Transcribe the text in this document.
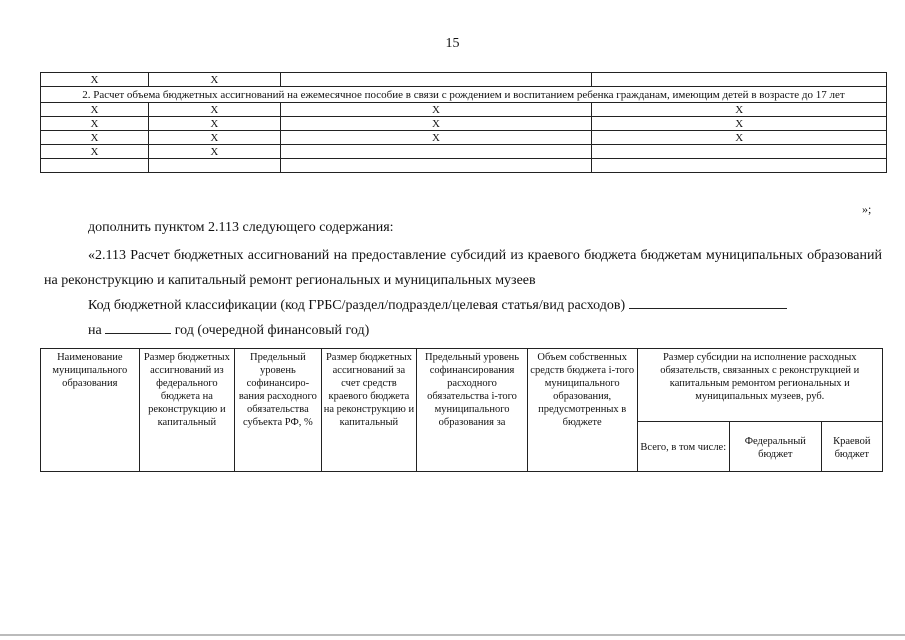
15
X	X		
2. Расчет объема бюджетных ассигнований на ежемесячное пособие в связи с рождением и воспитанием ребенка гражданам, имеющим детей в возрасте до 17 лет			
X	X	X	X
X	X	X	X
X	X	X	X
X	X		

»;
дополнить пунктом 2.113 следующего содержания:
«2.113 Расчет бюджетных ассигнований на предоставление субсидий из краевого бюджета бюджетам муниципальных образований на реконструкцию и капитальный ремонт региональных и муниципальных музеев
Код бюджетной классификации (код ГРБС/раздел/подраздел/целевая статья/вид расходов)
на	год (очередной финансовый год)
Наименование муниципального образования	Размер бюджетных ассигнований из федерального бюджета на реконструкцию и капитальный	Предельный уровень софинансиро-вания расходного обязательства субъекта РФ, %	Размер бюджетных ассигнований за счет средств краевого бюджета на реконструкцию и капитальный	Предельный уровень софинансирования расходного обязательства i-того муниципального образования за	Объем собственных средств бюджета i-того муниципального образования, предусмотренных в бюджете	Размер субсидии на исполнение расходных обязательств, связанных с реконструкцией и капитальным ремонтом региональных и муниципальных музеев, руб.		
						Всего, в том числе:	Федеральный бюджет	Краевой бюджет
